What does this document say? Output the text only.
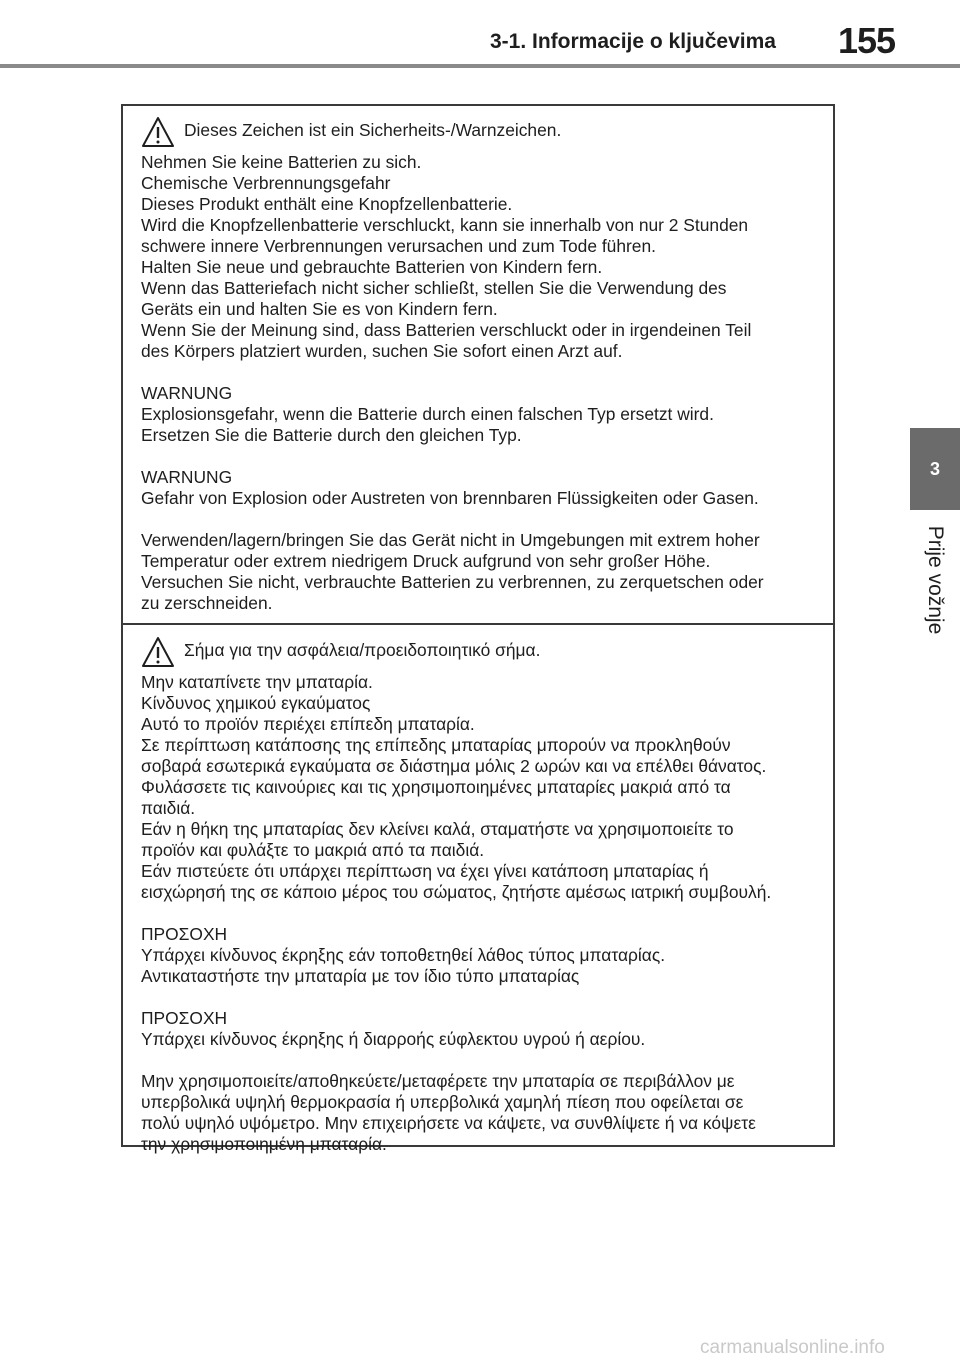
3-1. Informacije o ključevima	155
3
Prije vožnje
Dieses Zeichen ist ein Sicherheits-/Warnzeichen.
Nehmen Sie keine Batterien zu sich.
Chemische Verbrennungsgefahr
Dieses Produkt enthält eine Knopfzellenbatterie.
Wird die Knopfzellenbatterie verschluckt, kann sie innerhalb von nur 2 Stunden
schwere innere Verbrennungen verursachen und zum Tode führen.
Halten Sie neue und gebrauchte Batterien von Kindern fern.
Wenn das Batteriefach nicht sicher schließt, stellen Sie die Verwendung des
Geräts ein und halten Sie es von Kindern fern.
Wenn Sie der Meinung sind, dass Batterien verschluckt oder in irgendeinen Teil
des Körpers platziert wurden, suchen Sie sofort einen Arzt auf.
WARNUNG
Explosionsgefahr, wenn die Batterie durch einen falschen Typ ersetzt wird.
Ersetzen Sie die Batterie durch den gleichen Typ.
WARNUNG
Gefahr von Explosion oder Austreten von brennbaren Flüssigkeiten oder Gasen.
Verwenden/lagern/bringen Sie das Gerät nicht in Umgebungen mit extrem hoher
Temperatur oder extrem niedrigem Druck aufgrund von sehr großer Höhe.
Versuchen Sie nicht, verbrauchte Batterien zu verbrennen, zu zerquetschen oder
zu zerschneiden.
Σήμα για την ασφάλεια/προειδοποιητικό σήμα.
Μην καταπίνετε την μπαταρία.
Κίνδυνος χημικού εγκαύματος
Αυτό το προϊόν περιέχει επίπεδη μπαταρία.
Σε περίπτωση κατάποσης της επίπεδης μπαταρίας μπορούν να προκληθούν
σοβαρά εσωτερικά εγκαύματα σε διάστημα μόλις 2 ωρών και να επέλθει θάνατος.
Φυλάσσετε τις καινούριες και τις χρησιμοποιημένες μπαταρίες μακριά από τα
παιδιά.
Εάν η θήκη της μπαταρίας δεν κλείνει καλά, σταματήστε να χρησιμοποιείτε το
προϊόν και φυλάξτε το μακριά από τα παιδιά.
Εάν πιστεύετε ότι υπάρχει περίπτωση να έχει γίνει κατάποση μπαταρίας ή
εισχώρησή της σε κάποιο μέρος του σώματος, ζητήστε αμέσως ιατρική συμβουλή.
ΠΡΟΣΟΧΗ
Υπάρχει κίνδυνος έκρηξης εάν τοποθετηθεί λάθος τύπος μπαταρίας.
Αντικαταστήστε την μπαταρία με τον ίδιο τύπο μπαταρίας
ΠΡΟΣΟΧΗ
Υπάρχει κίνδυνος έκρηξης ή διαρροής εύφλεκτου υγρού ή αερίου.
Μην χρησιμοποιείτε/αποθηκεύετε/μεταφέρετε την μπαταρία σε περιβάλλον με
υπερβολικά υψηλή θερμοκρασία ή υπερβολικά χαμηλή πίεση που οφείλεται σε
πολύ υψηλό υψόμετρο. Μην επιχειρήσετε να κάψετε, να συνθλίψετε ή να κόψετε
την χρησιμοποιημένη μπαταρία.
carmanualsonline.info
